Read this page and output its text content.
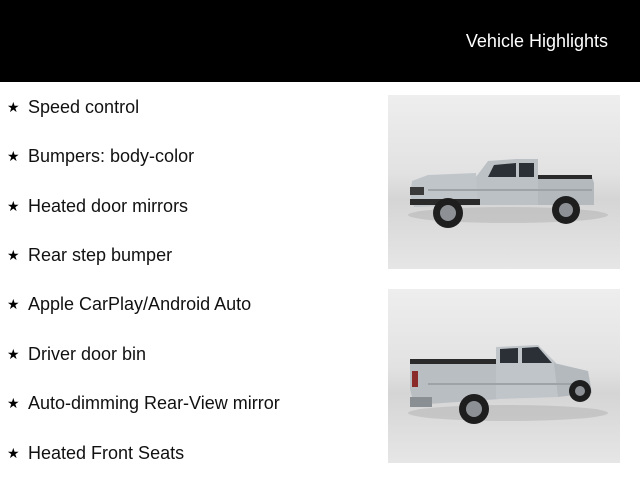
Vehicle Highlights
★ Speed control
★ Bumpers: body-color
★ Heated door mirrors
★ Rear step bumper
★ Apple CarPlay/Android Auto
★ Driver door bin
★ Auto-dimming Rear-View mirror
★ Heated Front Seats
